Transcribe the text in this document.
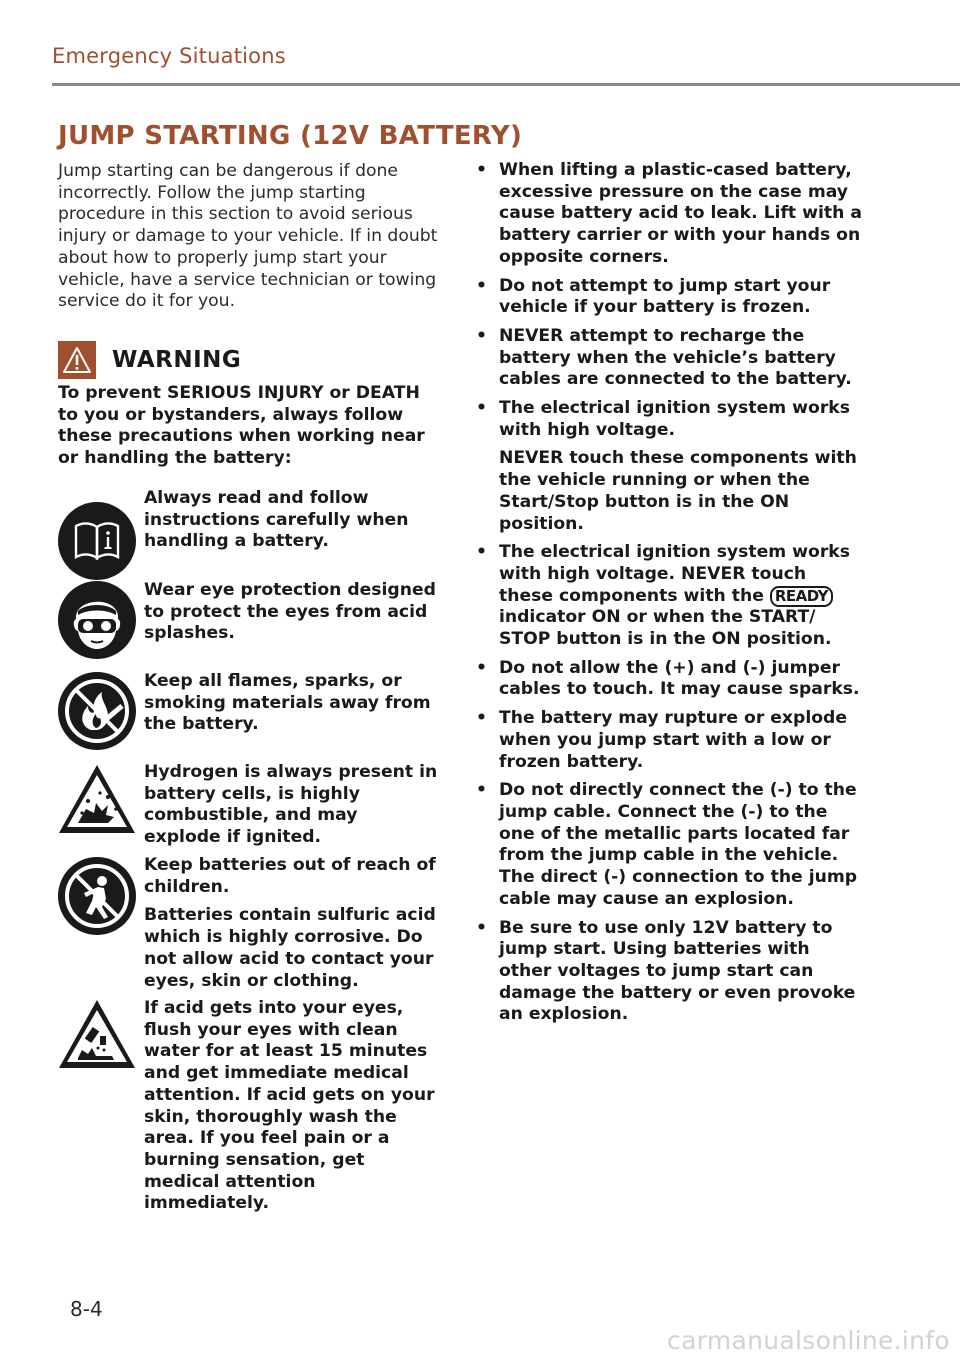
Emergency Situations
JUMP STARTING (12V BATTERY)

Jump starting can be dangerous if done incorrectly. Follow the jump starting procedure in this section to avoid serious injury or damage to your vehicle. If in doubt about how to properly jump start your vehicle, have a service technician or towing service do it for you.

WARNING

To prevent SERIOUS INJURY or DEATH to you or bystanders, always follow these precautions when working near or handling the battery:

Always read and follow instructions carefully when handling a battery.

Wear eye protection designed to protect the eyes from acid splashes.

Keep all flames, sparks, or smoking materials away from the battery.

Hydrogen is always present in battery cells, is highly combustible, and may explode if ignited.

Keep batteries out of reach of children.

Batteries contain sulfuric acid which is highly corrosive. Do not allow acid to contact your eyes, skin or clothing.

If acid gets into your eyes, flush your eyes with clean water for at least 15 minutes and get immediate medical attention. If acid gets on your skin, thoroughly wash the area. If you feel pain or a burning sensation, get medical attention immediately.

• When lifting a plastic-cased battery, excessive pressure on the case may cause battery acid to leak. Lift with a battery carrier or with your hands on opposite corners.

• Do not attempt to jump start your vehicle if your battery is frozen.

• NEVER attempt to recharge the battery when the vehicle’s battery cables are connected to the battery.

• The electrical ignition system works with high voltage.

NEVER touch these components with the vehicle running or when the Start/Stop button is in the ON position.

• The electrical ignition system works with high voltage. NEVER touch these components with the READY indicator ON or when the START/ STOP button is in the ON position.

• Do not allow the (+) and (-) jumper cables to touch. It may cause sparks.

• The battery may rupture or explode when you jump start with a low or frozen battery.

• Do not directly connect the (-) to the jump cable. Connect the (-) to the one of the metallic parts located far from the jump cable in the vehicle. The direct (-) connection to the jump cable may cause an explosion.

• Be sure to use only 12V battery to jump start. Using batteries with other voltages to jump start can damage the battery or even provoke an explosion.

8-4
carmanualsonline.info
